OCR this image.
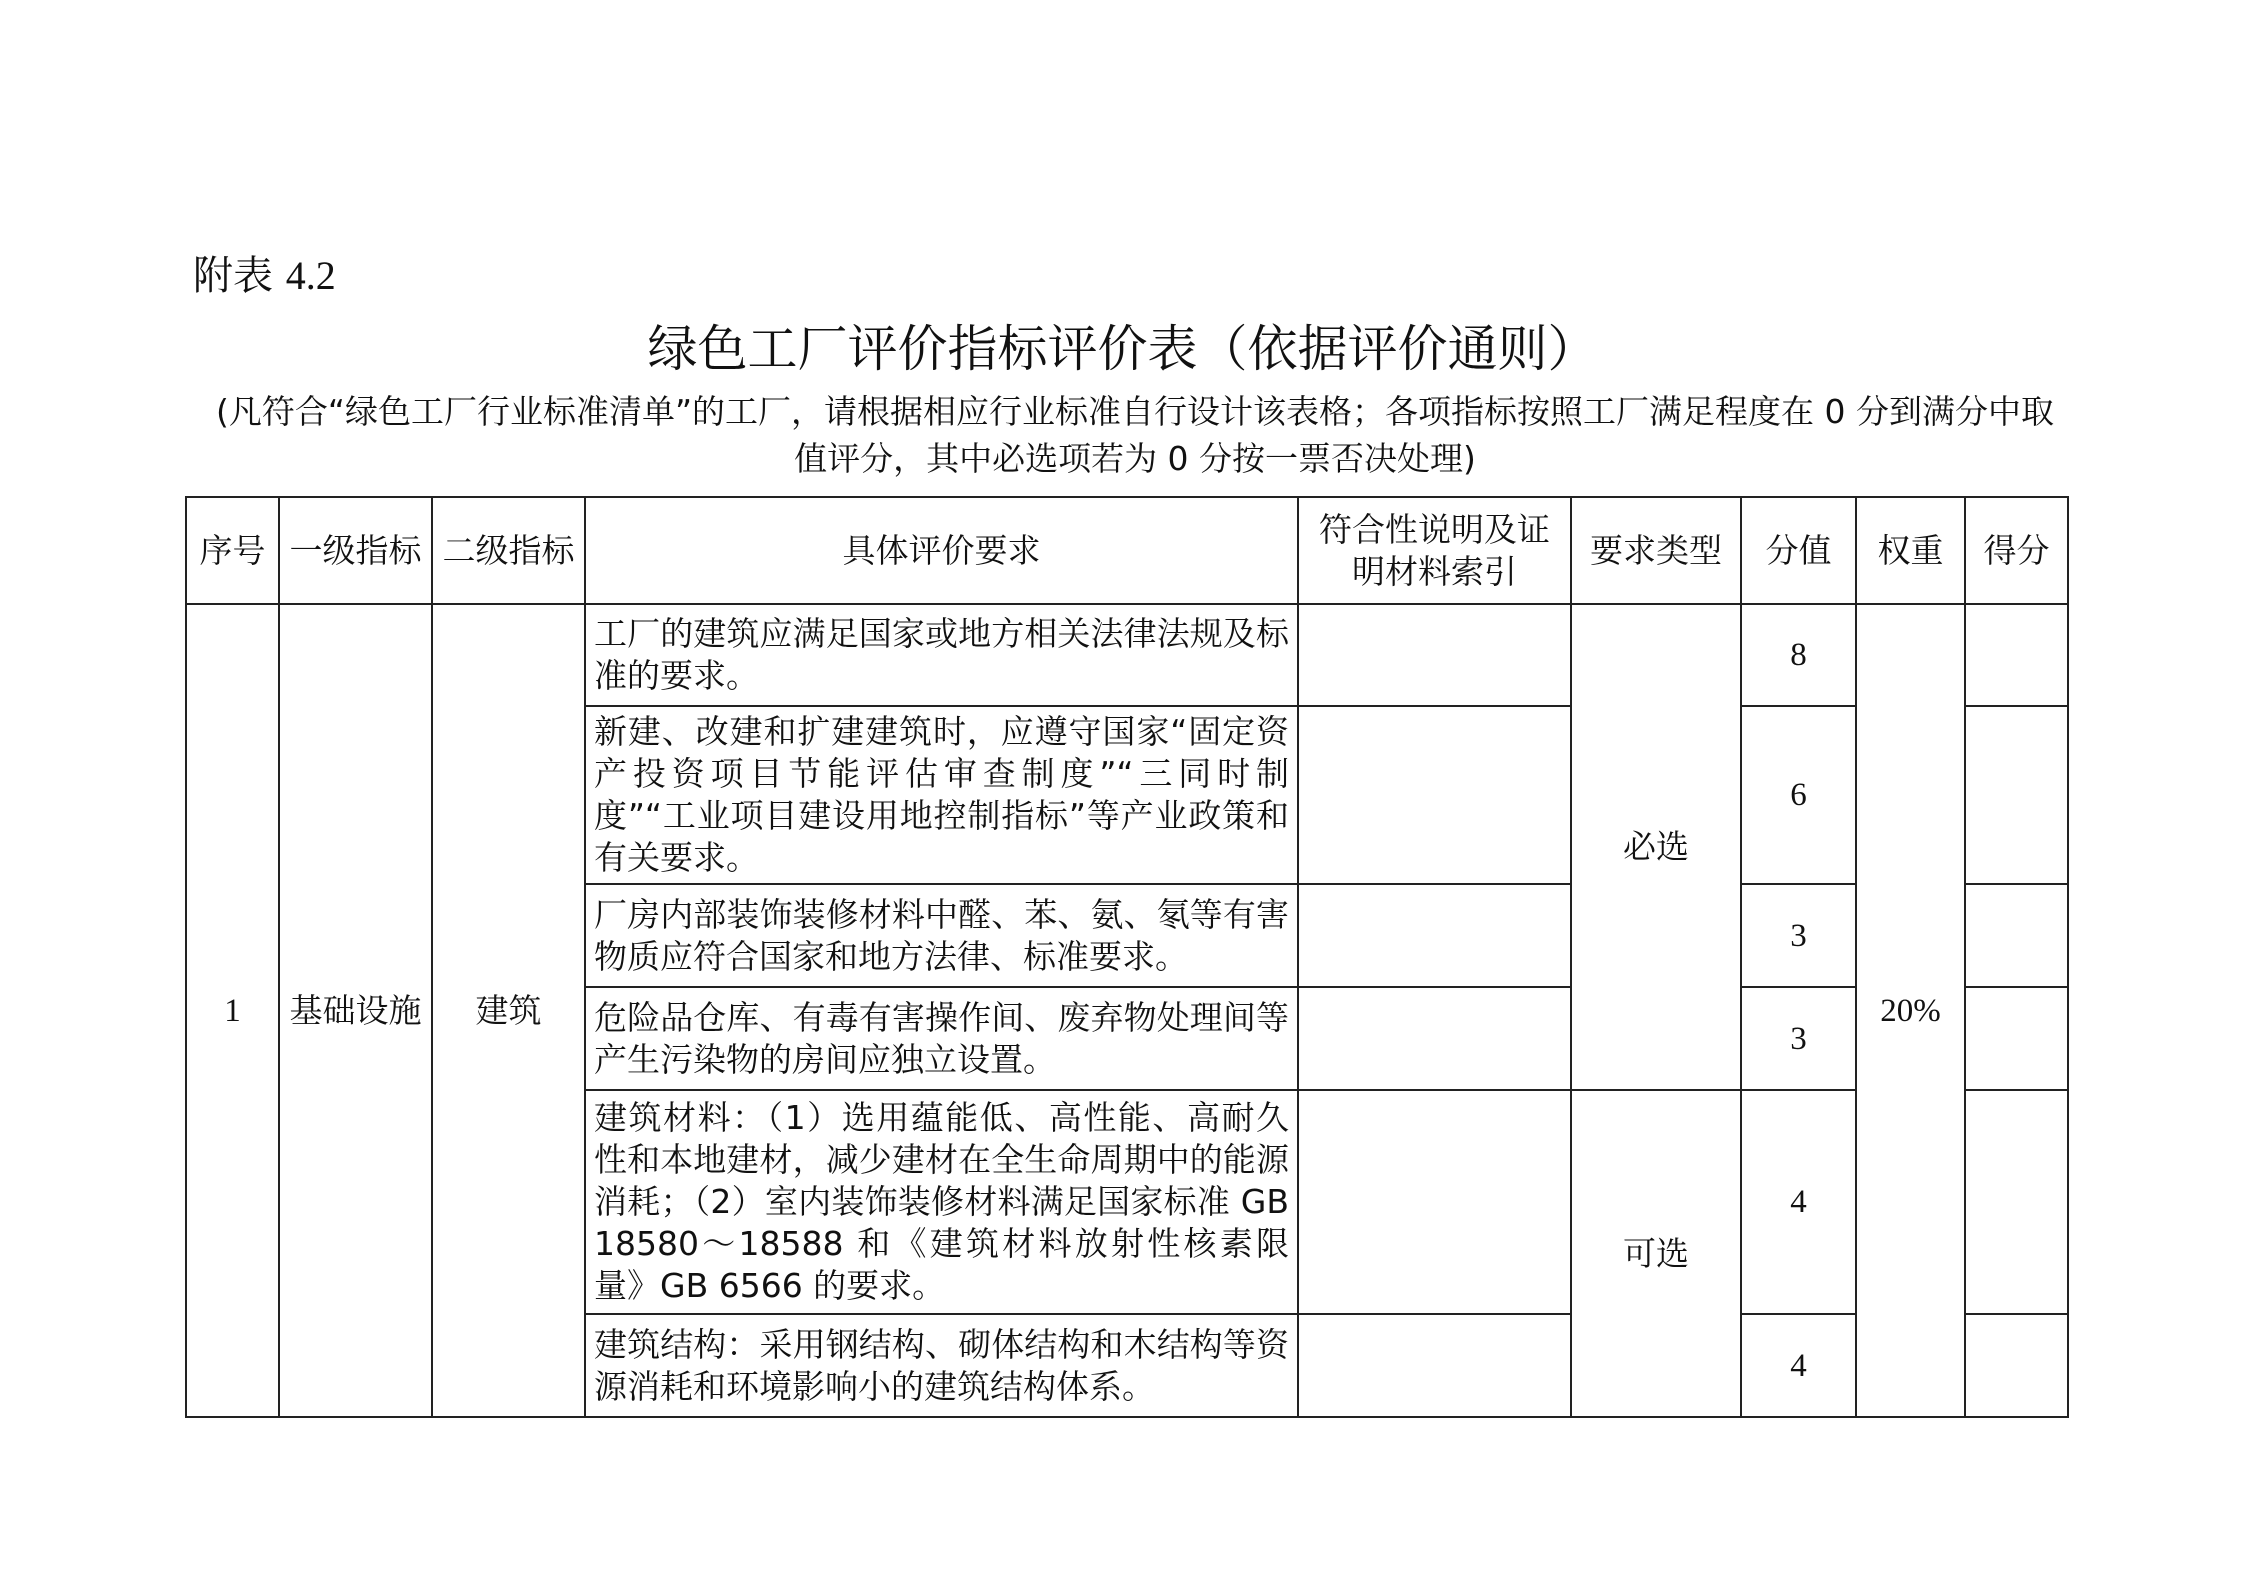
附表 4.2
绿色工厂评价指标评价表（依据评价通则）
(凡符合“绿色工厂行业标准清单”的工厂，请根据相应行业标准自行设计该表格；各项指标按照工厂满足程度在 0 分到满分中取值评分，其中必选项若为 0 分按一票否决处理)
序号	一级指标	二级指标	具体评价要求	符合性说明及证明材料索引	要求类型	分值	权重	得分
1	基础设施	建筑	工厂的建筑应满足国家或地方相关法律法规及标准的要求。		必选	8	20%	
			新建、改建和扩建建筑时，应遵守国家“固定资产投资项目节能评估审查制度”“三同时制度”“工业项目建设用地控制指标”等产业政策和有关要求。			6		
			厂房内部装饰装修材料中醛、苯、氨、氡等有害物质应符合国家和地方法律、标准要求。			3		
			危险品仓库、有毒有害操作间、废弃物处理间等产生污染物的房间应独立设置。			3		
			建筑材料：（1）选用蕴能低、高性能、高耐久性和本地建材，减少建材在全生命周期中的能源消耗；（2）室内装饰装修材料满足国家标准 GB 18580～18588 和《建筑材料放射性核素限量》GB 6566 的要求。		可选	4		
			建筑结构：采用钢结构、砌体结构和木结构等资源消耗和环境影响小的建筑结构体系。			4		
